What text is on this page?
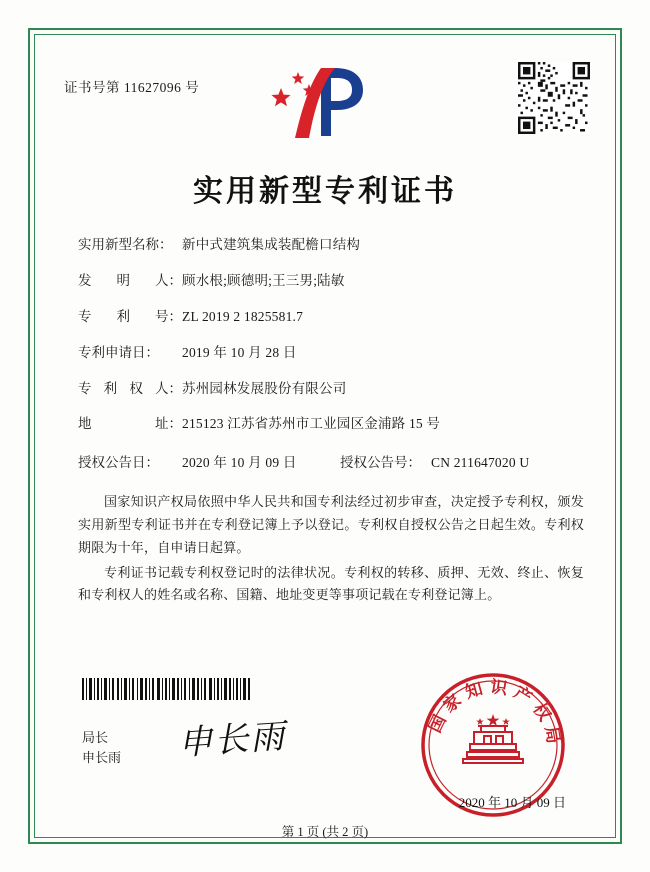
证书号第 11627096 号
实用新型专利证书
实用新型名称： 新中式建筑集成装配檐口结构
发 明 人： 顾水根;顾德明;王三男;陆敏
专 利 号： ZL 2019 2 1825581.7
专利申请日：	2019 年 10 月 28 日
专 利 权 人： 苏州园林发展股份有限公司
地	址： 215123 江苏省苏州市工业园区金浦路 15 号
授权公告日：	2020 年 10 月 09 日	授权公告号： CN 211647020 U

国家知识产权局依照中华人民共和国专利法经过初步审查，决定授予专利权，颁发实用新型专利证书并在专利登记簿上予以登记。专利权自授权公告之日起生效。专利权期限为十年，自申请日起算。

专利证书记载专利权登记时的法律状况。专利权的转移、质押、无效、终止、恢复和专利权人的姓名或名称、国籍、地址变更等事项记载在专利登记簿上。

局长
申长雨 申长雨	国家知识产权局
2020 年 10 月 09 日
第 1 页 (共 2 页)
